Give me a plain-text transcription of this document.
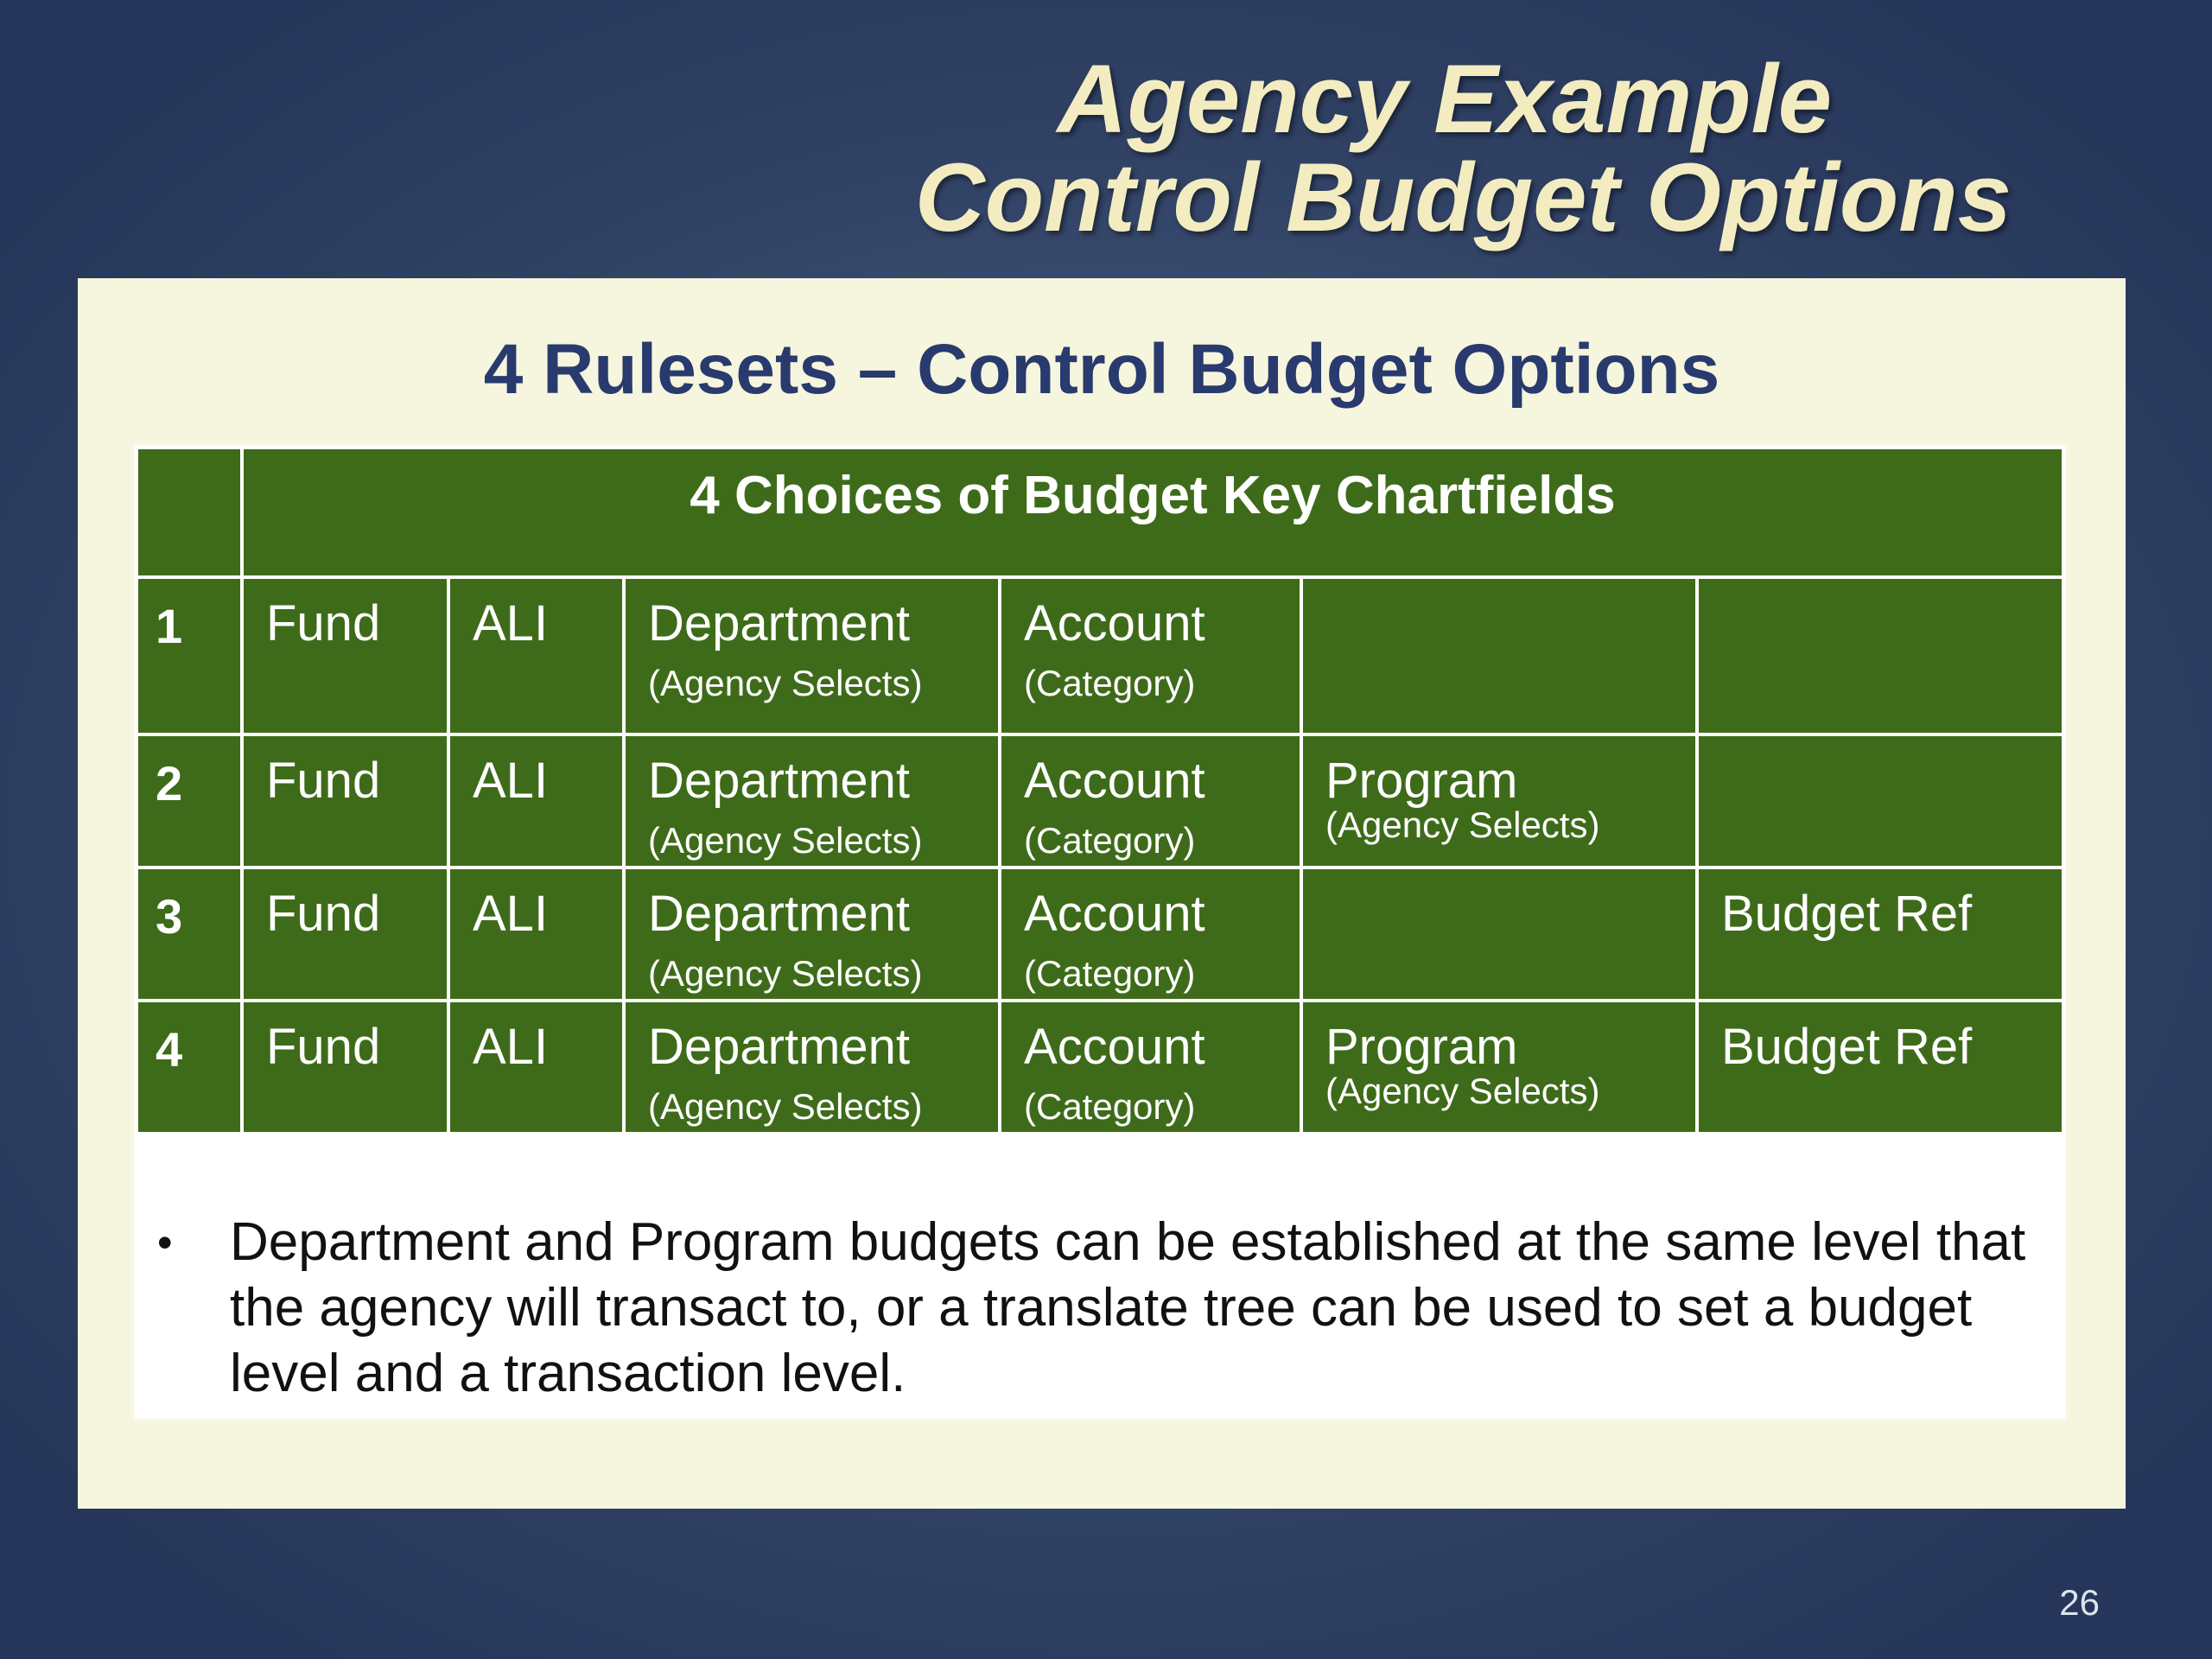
Agency Example
Control Budget Options
4 Rulesets – Control Budget Options
4 Choices of Budget Key Chartfields
1 Fund ALI Department
(Agency Selects)
Account
(Category)
2 Fund ALI Department
(Agency Selects)
Account
(Category)
Program
(Agency Selects)
3 Fund ALI Department
(Agency Selects)
Account
(Category)
Budget Ref
4 Fund ALI Department
(Agency Selects)
Account
(Category)
Program
(Agency Selects)
Budget Ref
• Department and Program budgets can be established at the same level that the agency will transact to, or a translate tree can be used to set a budget level and a transaction level.
26
